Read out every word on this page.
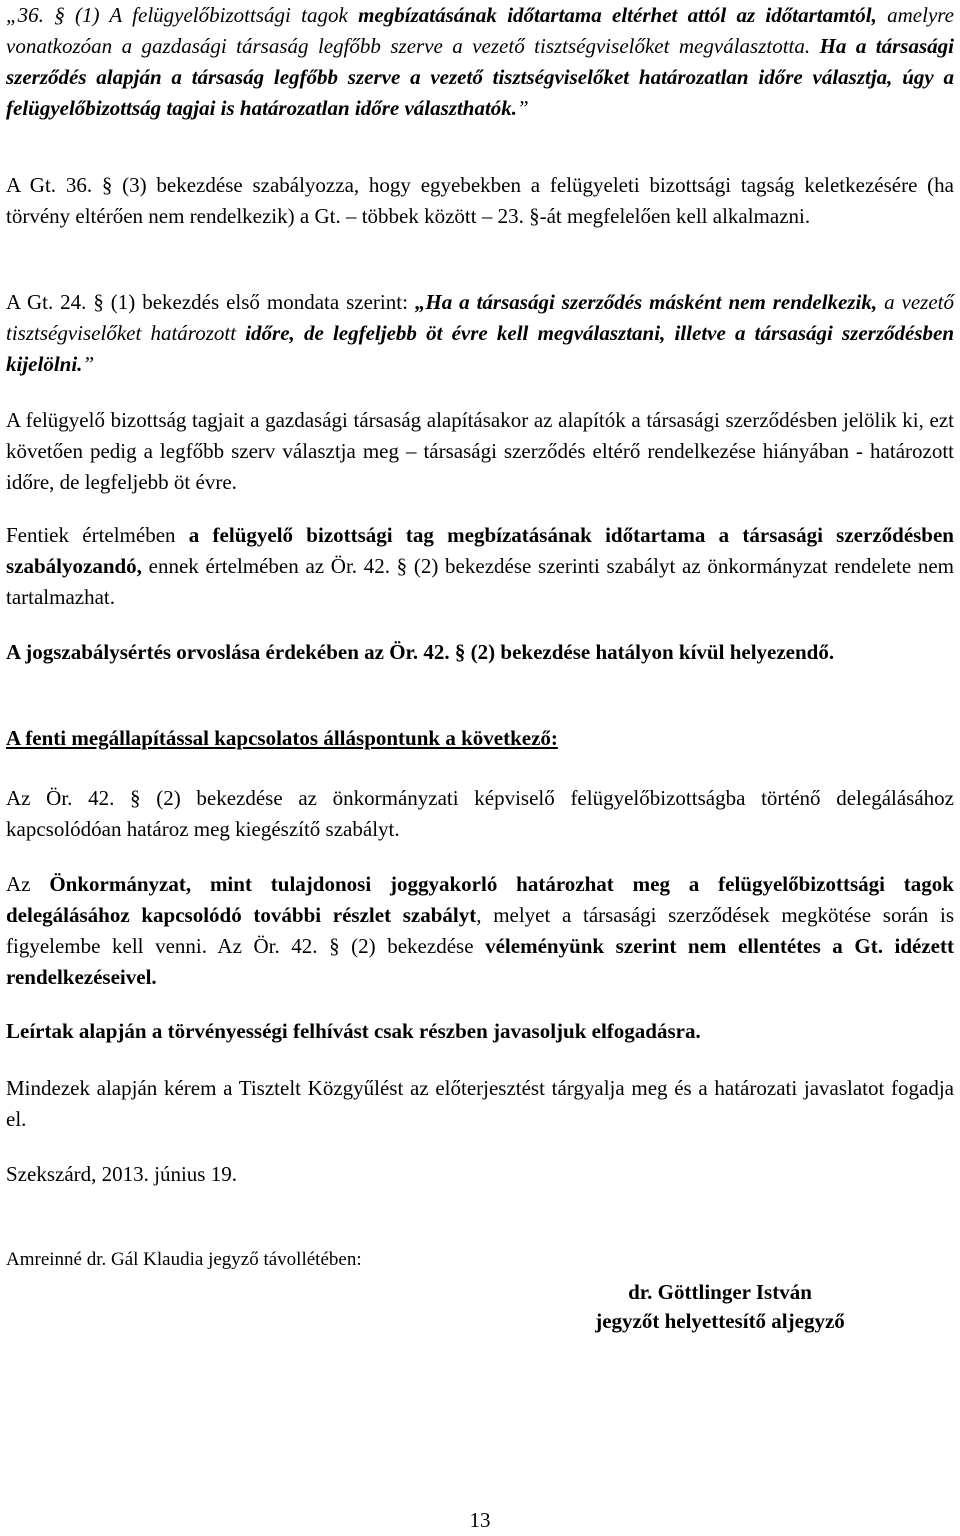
„36. § (1) A felügyelőbizottsági tagok megbízatásának időtartama eltérhet attól az időtartamtól, amelyre vonatkozóan a gazdasági társaság legfőbb szerve a vezető tisztségviselőket megválasztotta. Ha a társasági szerződés alapján a társaság legfőbb szerve a vezető tisztségviselőket határozatlan időre választja, úgy a felügyelőbizottság tagjai is határozatlan időre választhatók.”

A Gt. 36. § (3) bekezdése szabályozza, hogy egyebekben a felügyeleti bizottsági tagság keletkezésére (ha törvény eltérően nem rendelkezik) a Gt. – többek között – 23. §-át megfelelően kell alkalmazni.

A Gt. 24. § (1) bekezdés első mondata szerint: „Ha a társasági szerződés másként nem rendelkezik, a vezető tisztségviselőket határozott időre, de legfeljebb öt évre kell megválasztani, illetve a társasági szerződésben kijelölni.”

A felügyelő bizottság tagjait a gazdasági társaság alapításakor az alapítók a társasági szerződésben jelölik ki, ezt követően pedig a legfőbb szerv választja meg – társasági szerződés eltérő rendelkezése hiányában - határozott időre, de legfeljebb öt évre.

Fentiek értelmében a felügyelő bizottsági tag megbízatásának időtartama a társasági szerződésben szabályozandó, ennek értelmében az Ör. 42. § (2) bekezdése szerinti szabályt az önkormányzat rendelete nem tartalmazhat.

A jogszabálysértés orvoslása érdekében az Ör. 42. § (2) bekezdése hatályon kívül helyezendő.

A fenti megállapítással kapcsolatos álláspontunk a következő:

Az Ör. 42. § (2) bekezdése az önkormányzati képviselő felügyelőbizottságba történő delegálásához kapcsolódóan határoz meg kiegészítő szabályt.

Az Önkormányzat, mint tulajdonosi joggyakorló határozhat meg a felügyelőbizottsági tagok delegálásához kapcsolódó további részlet szabályt, melyet a társasági szerződések megkötése során is figyelembe kell venni. Az Ör. 42. § (2) bekezdése véleményünk szerint nem ellentétes a Gt. idézett rendelkezéseivel.

Leírtak alapján a törvényességi felhívást csak részben javasoljuk elfogadásra.

Mindezek alapján kérem a Tisztelt Közgyűlést az előterjesztést tárgyalja meg és a határozati javaslatot fogadja el.

Szekszárd, 2013. június 19.

Amreinné dr. Gál Klaudia jegyző távollétében:

dr. Göttlinger István

jegyzőt helyettesítő aljegyző

13
